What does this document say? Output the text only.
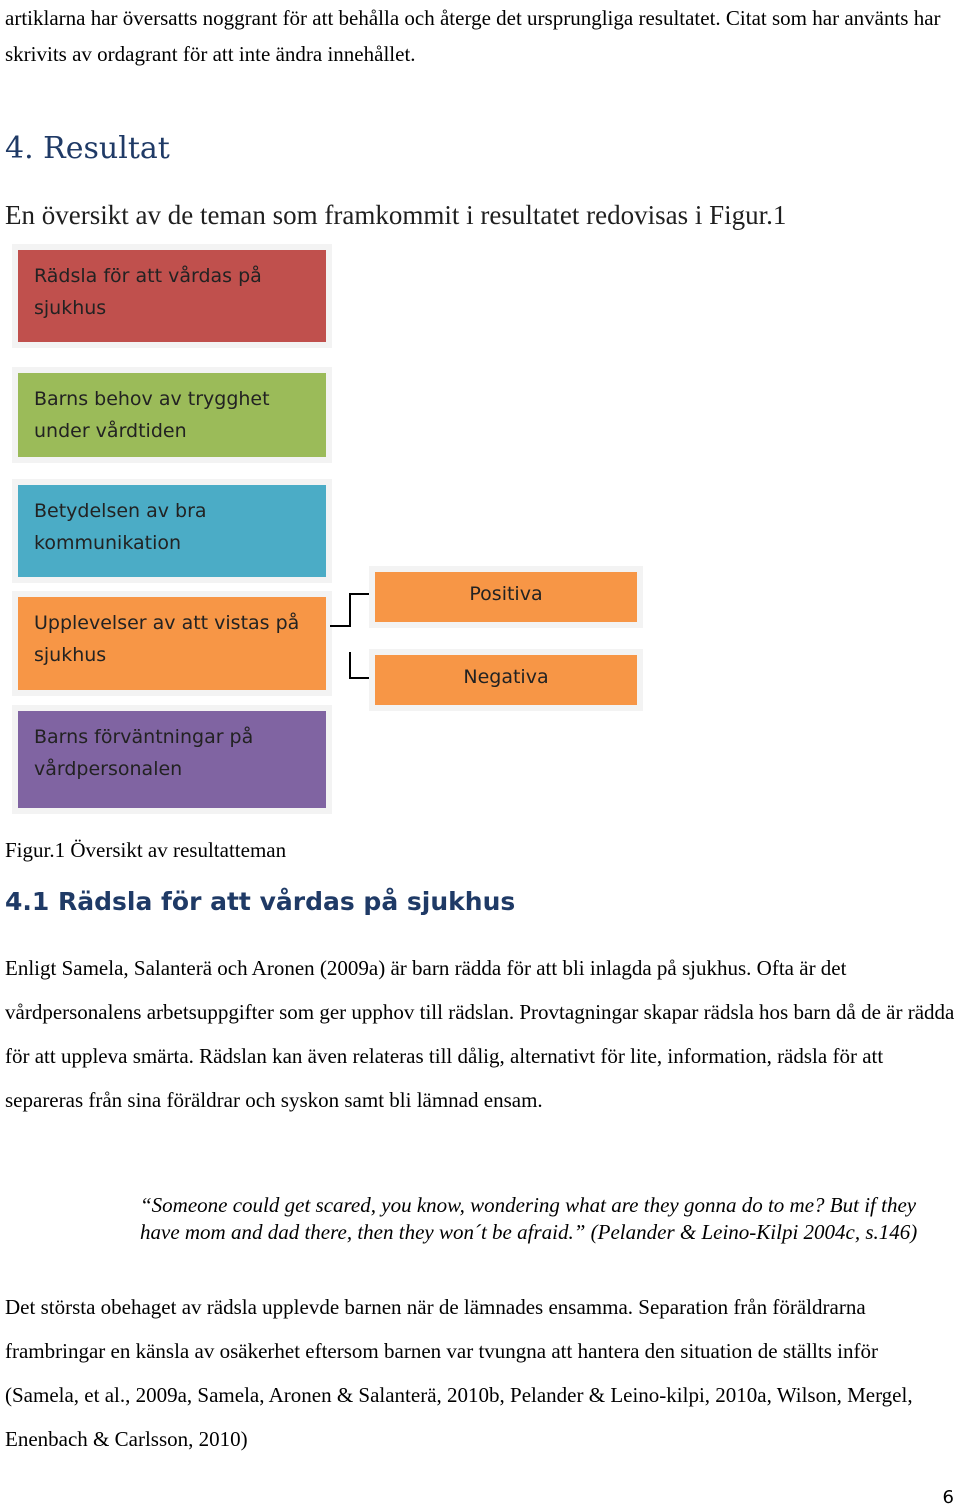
artiklarna har översatts noggrant för att behålla och återge det ursprungliga resultatet. Citat som har använts har skrivits av ordagrant för att inte ändra innehållet.

4. Resultat

En översikt av de teman som framkommit i resultatet redovisas i Figur.1

Rädsla för att vårdas på sjukhus
Barns behov av trygghet under vårdtiden
Betydelsen av bra kommunikation
Upplevelser av att vistas på sjukhus
Barns förväntningar på vårdpersonalen
Positiva
Negativa

Figur.1 Översikt av resultatteman

4.1 Rädsla för att vårdas på sjukhus

Enligt Samela, Salanterä och Aronen (2009a) är barn rädda för att bli inlagda på sjukhus. Ofta är det vårdpersonalens arbetsuppgifter som ger upphov till rädslan. Provtagningar skapar rädsla hos barn då de är rädda för att uppleva smärta. Rädslan kan även relateras till dålig, alternativt för lite, information, rädsla för att separeras från sina föräldrar och syskon samt bli lämnad ensam.

“Someone could get scared, you know, wondering what are they gonna do to me? But if they have mom and dad there, then they won´t be afraid.” (Pelander & Leino-Kilpi 2004c, s.146)

Det största obehaget av rädsla upplevde barnen när de lämnades ensamma. Separation från föräldrarna frambringar en känsla av osäkerhet eftersom barnen var tvungna att hantera den situation de ställts inför (Samela, et al., 2009a, Samela, Aronen & Salanterä, 2010b, Pelander & Leino-kilpi, 2010a, Wilson, Mergel, Enenbach & Carlsson, 2010)

6
